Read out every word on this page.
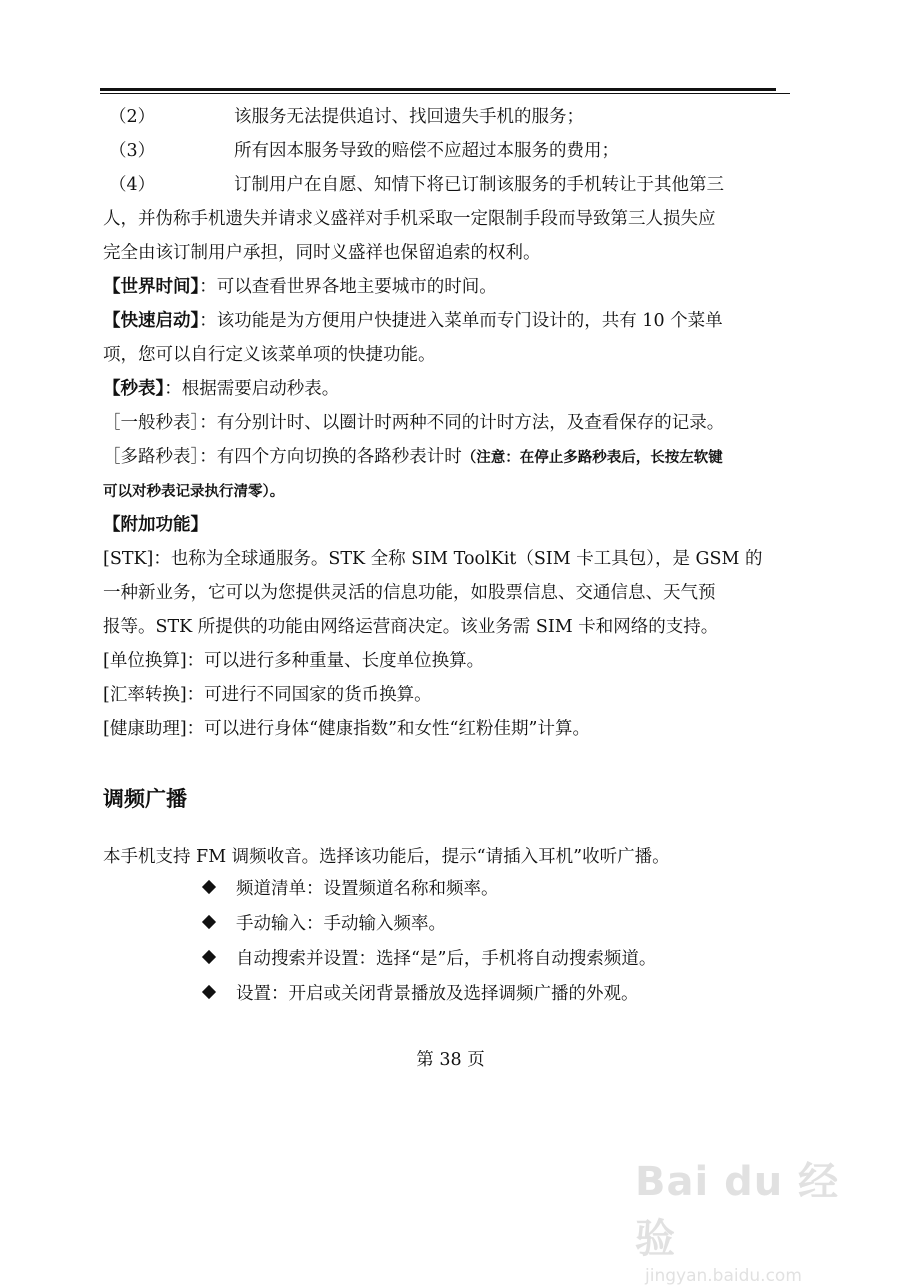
（2）	该服务无法提供追讨、找回遗失手机的服务；
（3）	所有因本服务导致的赔偿不应超过本服务的费用；
（4）	订制用户在自愿、知情下将已订制该服务的手机转让于其他第三
人，并伪称手机遗失并请求义盛祥对手机采取一定限制手段而导致第三人损失应
完全由该订制用户承担，同时义盛祥也保留追索的权利。
【世界时间】：可以查看世界各地主要城市的时间。
【快速启动】：该功能是为方便用户快捷进入菜单而专门设计的，共有 10 个菜单
项，您可以自行定义该菜单项的快捷功能。
【秒表】：根据需要启动秒表。
［一般秒表］：有分别计时、以圈计时两种不同的计时方法，及查看保存的记录。
［多路秒表］：有四个方向切换的各路秒表计时（注意：在停止多路秒表后，长按左软键
可以对秒表记录执行清零）。
【附加功能】
[STK]：也称为全球通服务。STK 全称 SIM ToolKit（SIM 卡工具包），是 GSM 的
一种新业务，它可以为您提供灵活的信息功能，如股票信息、交通信息、天气预
报等。STK 所提供的功能由网络运营商决定。该业务需 SIM 卡和网络的支持。
[单位换算]：可以进行多种重量、长度单位换算。
[汇率转换]：可进行不同国家的货币换算。
[健康助理]：可以进行身体“健康指数”和女性“红粉佳期”计算。
调频广播
本手机支持 FM 调频收音。选择该功能后，提示“请插入耳机”收听广播。
频道清单：设置频道名称和频率。
手动输入：手动输入频率。
自动搜索并设置：选择“是”后，手机将自动搜索频道。
设置：开启或关闭背景播放及选择调频广播的外观。
第 38 页
Bai du 经验
jingyan.baidu.com
